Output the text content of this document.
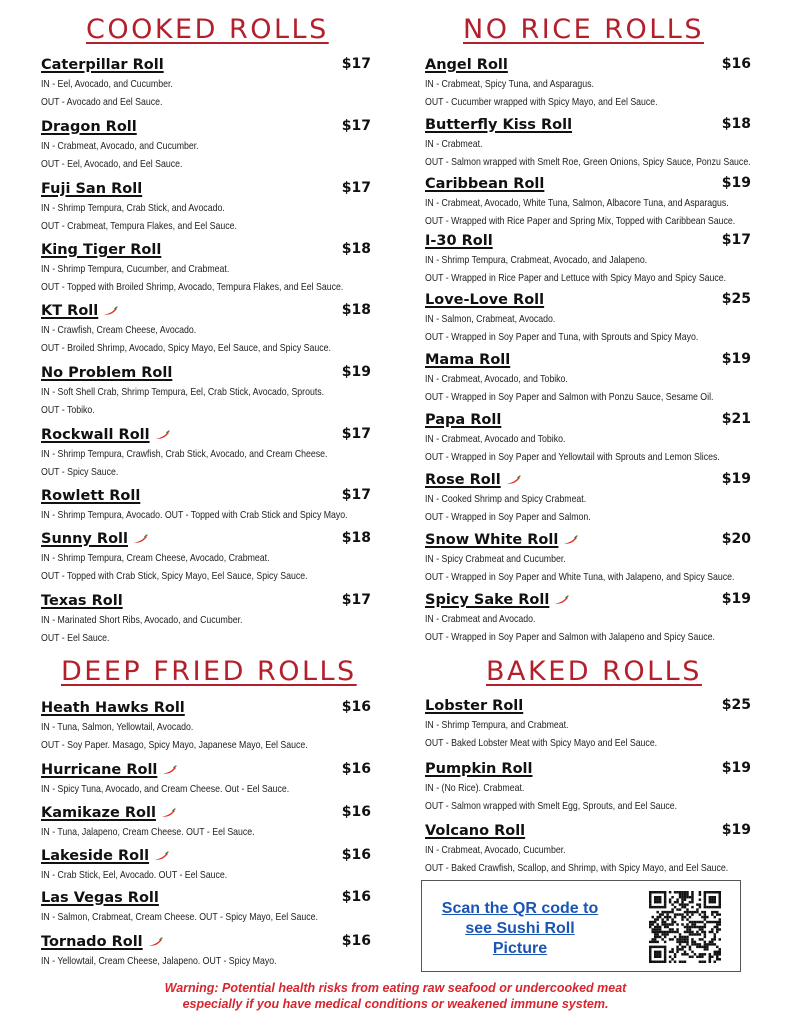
COOKED ROLLS
Caterpillar Roll	$17
IN - Eel, Avocado, and Cucumber.
OUT - Avocado and Eel Sauce.
Dragon Roll	$17
IN - Crabmeat, Avocado, and Cucumber.
OUT - Eel, Avocado, and Eel Sauce.
Fuji San Roll	$17
IN - Shrimp Tempura, Crab Stick, and Avocado.
OUT - Crabmeat, Tempura Flakes, and Eel Sauce.
King Tiger Roll	$18
IN - Shrimp Tempura, Cucumber, and Crabmeat.
OUT - Topped with Broiled Shrimp, Avocado, Tempura Flakes, and Eel Sauce.
KT Roll	$18
IN - Crawfish, Cream Cheese, Avocado.
OUT - Broiled Shrimp, Avocado, Spicy Mayo, Eel Sauce, and Spicy Sauce.
No Problem Roll	$19
IN - Soft Shell Crab, Shrimp Tempura, Eel, Crab Stick, Avocado, Sprouts.
OUT - Tobiko.
Rockwall Roll	$17
IN - Shrimp Tempura, Crawfish, Crab Stick, Avocado, and Cream Cheese.
OUT - Spicy Sauce.
Rowlett Roll	$17
IN - Shrimp Tempura, Avocado. OUT - Topped with Crab Stick and Spicy Mayo.
Sunny Roll	$18
IN - Shrimp Tempura, Cream Cheese, Avocado, Crabmeat.
OUT - Topped with Crab Stick, Spicy Mayo, Eel Sauce, Spicy Sauce.
Texas Roll	$17
IN - Marinated Short Ribs, Avocado, and Cucumber.
OUT - Eel Sauce.
DEEP FRIED ROLLS
Heath Hawks Roll	$16
IN - Tuna, Salmon, Yellowtail, Avocado.
OUT - Soy Paper. Masago, Spicy Mayo, Japanese Mayo, Eel Sauce.
Hurricane Roll	$16
IN - Spicy Tuna, Avocado, and Cream Cheese. Out - Eel Sauce.
Kamikaze Roll	$16
IN - Tuna, Jalapeno, Cream Cheese. OUT - Eel Sauce.
Lakeside Roll	$16
IN - Crab Stick, Eel, Avocado. OUT - Eel Sauce.
Las Vegas Roll	$16
IN - Salmon, Crabmeat, Cream Cheese. OUT - Spicy Mayo, Eel Sauce.
Tornado Roll	$16
IN - Yellowtail, Cream Cheese, Jalapeno. OUT - Spicy Mayo.
NO RICE ROLLS
Angel Roll	$16
IN - Crabmeat, Spicy Tuna, and Asparagus.
OUT - Cucumber wrapped with Spicy Mayo, and Eel Sauce.
Butterfly Kiss Roll	$18
IN - Crabmeat.
OUT - Salmon wrapped with Smelt Roe, Green Onions, Spicy Sauce, Ponzu Sauce.
Caribbean Roll	$19
IN - Crabmeat, Avocado, White Tuna, Salmon, Albacore Tuna, and Asparagus.
OUT - Wrapped with Rice Paper and Spring Mix, Topped with Caribbean Sauce.
I-30 Roll	$17
IN - Shrimp Tempura, Crabmeat, Avocado, and Jalapeno.
OUT - Wrapped in Rice Paper and Lettuce with Spicy Mayo and Spicy Sauce.
Love-Love Roll	$25
IN - Salmon, Crabmeat, Avocado.
OUT - Wrapped in Soy Paper and Tuna, with Sprouts and Spicy Mayo.
Mama Roll	$19
IN - Crabmeat, Avocado, and Tobiko.
OUT - Wrapped in Soy Paper and Salmon with Ponzu Sauce, Sesame Oil.
Papa Roll	$21
IN - Crabmeat, Avocado and Tobiko.
OUT - Wrapped in Soy Paper and Yellowtail with Sprouts and Lemon Slices.
Rose Roll	$19
IN - Cooked Shrimp and Spicy Crabmeat.
OUT - Wrapped in Soy Paper and Salmon.
Snow White Roll	$20
IN - Spicy Crabmeat and Cucumber.
OUT - Wrapped in Soy Paper and White Tuna, with Jalapeno, and Spicy Sauce.
Spicy Sake Roll	$19
IN - Crabmeat and Avocado.
OUT - Wrapped in Soy Paper and Salmon with Jalapeno and Spicy Sauce.
BAKED ROLLS
Lobster Roll	$25
IN - Shrimp Tempura, and Crabmeat.
OUT - Baked Lobster Meat with Spicy Mayo and Eel Sauce.
Pumpkin Roll	$19
IN - (No Rice). Crabmeat.
OUT - Salmon wrapped with Smelt Egg, Sprouts, and Eel Sauce.
Volcano Roll	$19
IN - Crabmeat, Avocado, Cucumber.
OUT - Baked Crawfish, Scallop, and Shrimp, with Spicy Mayo, and Eel Sauce.
Scan the QR code to see Sushi Roll Picture
Warning: Potential health risks from eating raw seafood or undercooked meat
especially if you have medical conditions or weakened immune system.
